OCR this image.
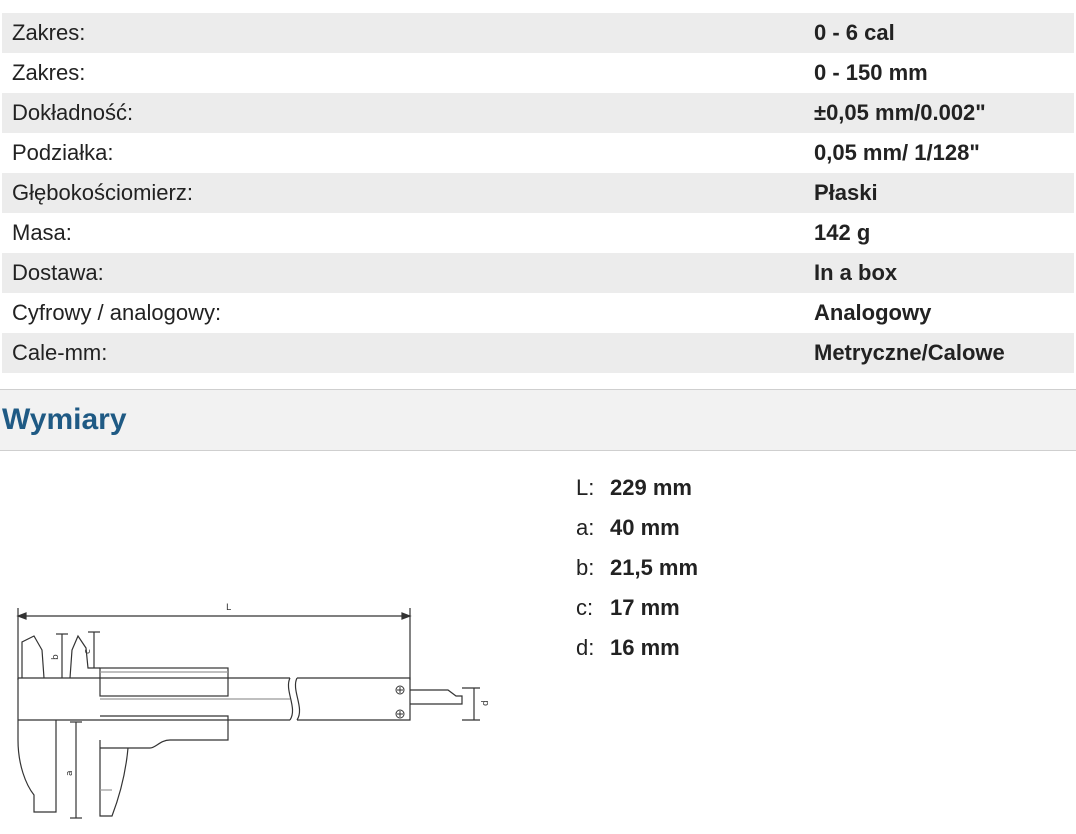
Zakres:	0 - 6 cal
Zakres:	0 - 150 mm
Dokładność:	±0,05 mm/0.002"
Podziałka:	0,05 mm/ 1/128"
Głębokościomierz:	Płaski
Masa:	142 g
Dostawa:	In a box
Cyfrowy / analogowy:	Analogowy
Cale-mm:	Metryczne/Calowe
Wymiary
L: 229 mm
a: 40 mm
b: 21,5 mm
c: 17 mm
d: 16 mm
L
b
c
a
d
